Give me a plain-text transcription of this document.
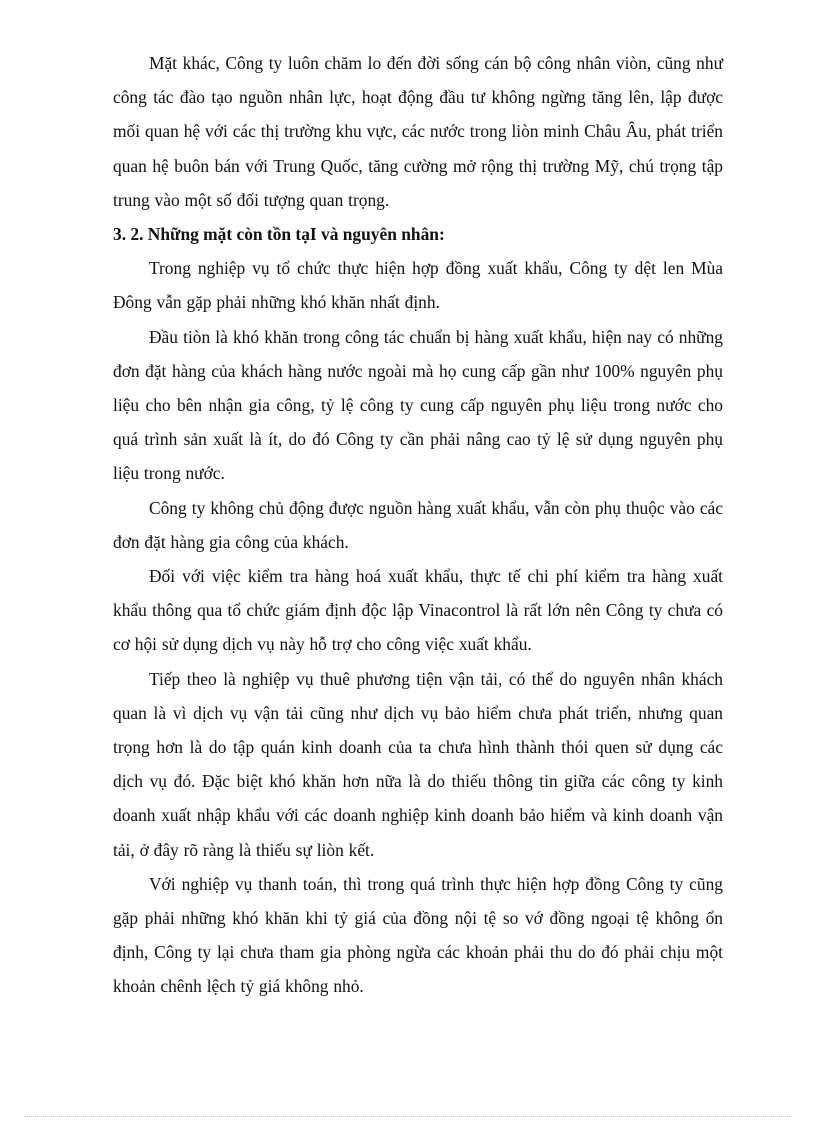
Mặt khác, Công ty luôn chăm lo đến đời sống cán bộ công nhân viòn, cũng như công tác đào tạo nguồn nhân lực, hoạt động đầu tư không ngừng tăng lên, lập được mối quan hệ với các thị trường khu vực, các nước trong liòn minh Châu Âu, phát triển quan hệ buôn bán với Trung Quốc, tăng cường mở rộng thị trường Mỹ, chú trọng tập trung vào một số đối tượng quan trọng.

3. 2. Những mặt còn tồn tạI và nguyên nhân:

Trong nghiệp vụ tổ chức thực hiện hợp đồng xuất khẩu, Công ty dệt len Mùa Đông vẫn gặp phải những khó khăn nhất định.

Đầu tiòn là khó khăn trong công tác chuẩn bị hàng xuất khẩu, hiện nay có những đơn đặt hàng của khách hàng nước ngoài mà họ cung cấp gần như 100% nguyên phụ liệu cho bên nhận gia công, tỷ lệ công ty cung cấp nguyên phụ liệu trong nước cho quá trình sản xuất là ít, do đó Công ty cần phải nâng cao tỷ lệ sử dụng nguyên phụ liệu trong nước.

Công ty không chủ động được nguồn hàng xuất khẩu, vẫn còn phụ thuộc vào các đơn đặt hàng gia công của khách.

Đối với việc kiểm tra hàng hoá xuất khẩu, thực tế chi phí kiểm tra hàng xuất khẩu thông qua tổ chức giám định độc lập Vinacontrol là rất lớn nên Công ty chưa có cơ hội sử dụng dịch vụ này hỗ trợ cho công việc xuất khẩu.

Tiếp theo là nghiệp vụ thuê phương tiện vận tải, có thể do nguyên nhân khách quan là vì dịch vụ vận tải cũng như dịch vụ bảo hiểm chưa phát triển, nhưng quan trọng hơn là do tập quán kinh doanh của ta chưa hình thành thói quen sử dụng các dịch vụ đó. Đặc biệt khó khăn hơn nữa là do thiếu thông tin giữa các công ty kinh doanh xuất nhập khẩu với các doanh nghiệp kinh doanh bảo hiểm và kinh doanh vận tải, ở đây rõ ràng là thiếu sự liòn kết.

Với nghiệp vụ thanh toán, thì trong quá trình thực hiện hợp đồng Công ty cũng gặp phải những khó khăn khi tỷ giá của đồng nội tệ so vớ đồng ngoại tệ không ổn định, Công ty lại chưa tham gia phòng ngừa các khoản phải thu do đó phải chịu một khoản chênh lệch tỷ giá không nhỏ.
